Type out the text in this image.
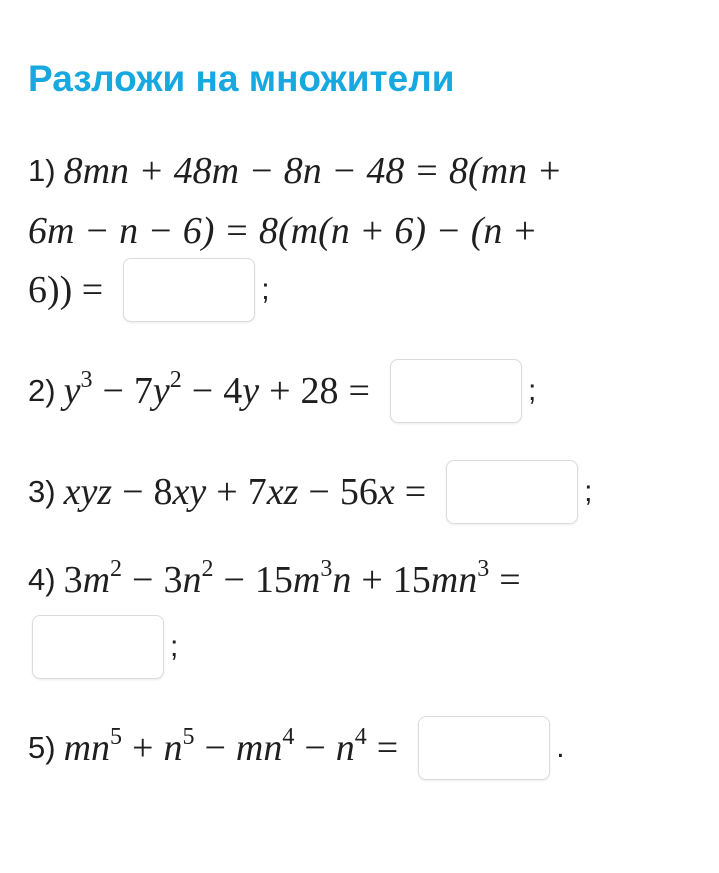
Разложи на множители
1) 8mn + 48m − 8n − 48 = 8(mn +
6m − n − 6) = 8(m(n + 6) − (n +
6)) =	;
2) $y^3 - 7y^2 - 4y + 28$ =	;
3) xyz − 8xy + 7xz − 56x =	;
4) $3m^2 - 3n^2 - 15m^3n + 15mn^3$ =
;
5) $mn^5 + n^5 - mn^4 - n^4$ =	.
